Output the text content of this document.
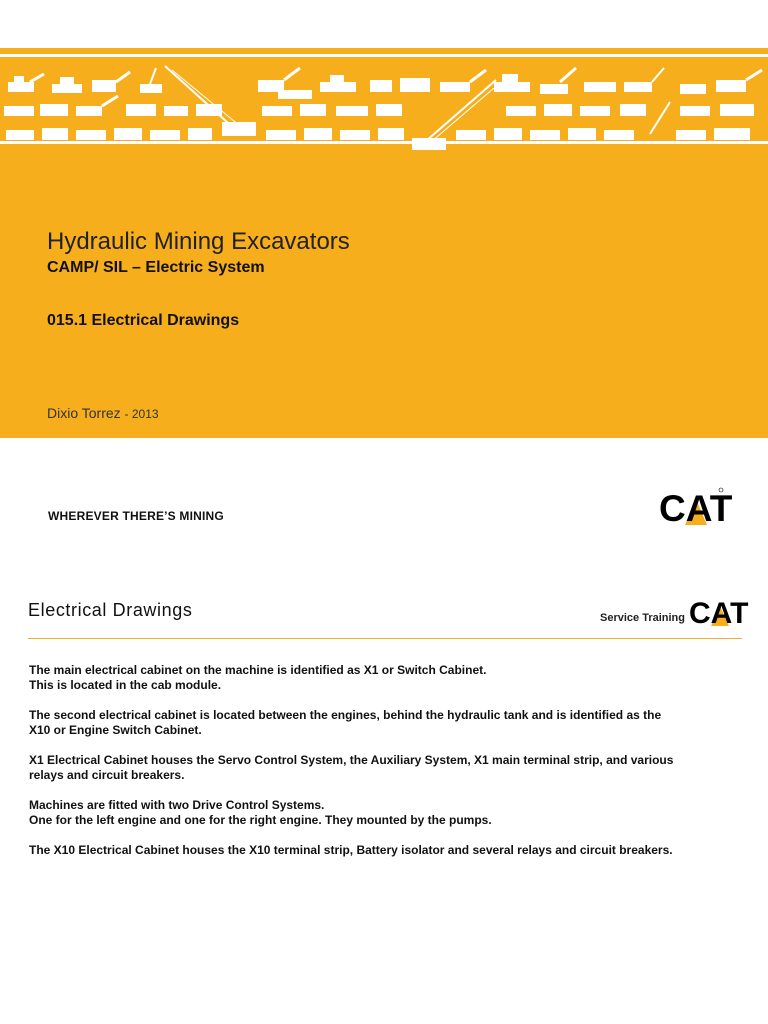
Hydraulic Mining Excavators
CAMP/ SIL – Electric System
015.1 Electrical Drawings
Dixio Torrez - 2013
WHEREVER THERE’S MINING	CAT
Electrical Drawings	Service Training CAT

The main electrical cabinet on the machine is identified as X1 or Switch Cabinet.
This is located in the cab module.

The second electrical cabinet is located between the engines, behind the hydraulic tank and is identified as the
X10 or Engine Switch Cabinet.

X1 Electrical Cabinet houses the Servo Control System, the Auxiliary System, X1 main terminal strip, and various
relays and circuit breakers.

Machines are fitted with two Drive Control Systems.
One for the left engine and one for the right engine. They mounted by the pumps.

The X10 Electrical Cabinet houses the X10 terminal strip, Battery isolator and several relays and circuit breakers.
